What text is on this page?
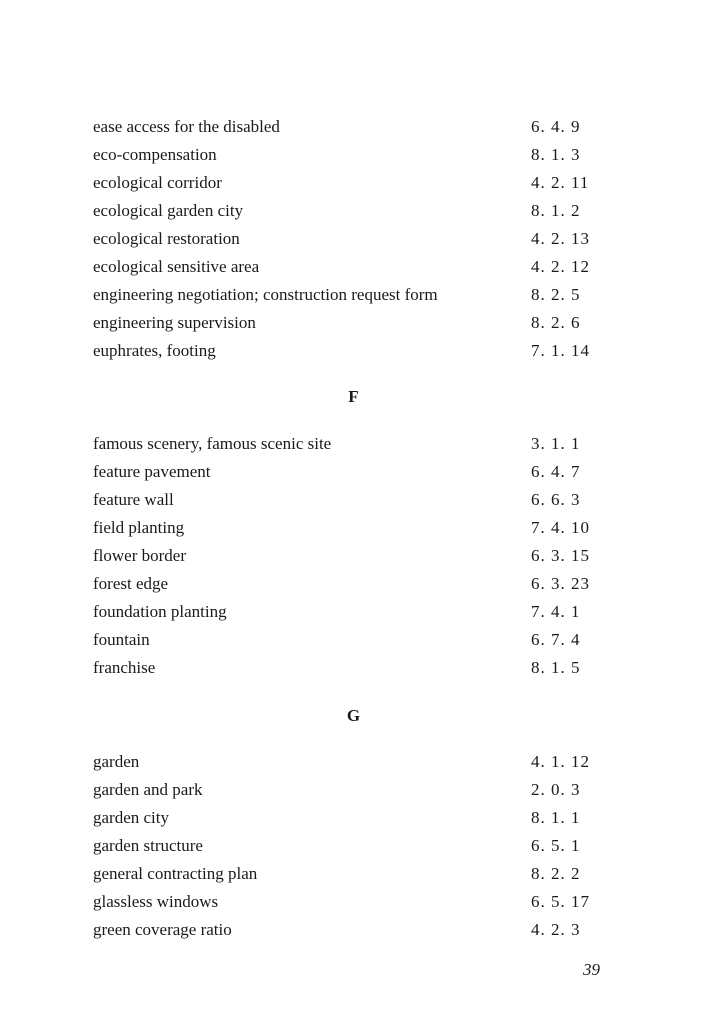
ease access for the disabled	6. 4. 9
eco-compensation	8. 1. 3
ecological corridor	4. 2. 11
ecological garden city	8. 1. 2
ecological restoration	4. 2. 13
ecological sensitive area	4. 2. 12
engineering negotiation; construction request form	8. 2. 5
engineering supervision	8. 2. 6
euphrates, footing	7. 1. 14
F
famous scenery, famous scenic site	3. 1. 1
feature pavement	6. 4. 7
feature wall	6. 6. 3
field planting	7. 4. 10
flower border	6. 3. 15
forest edge	6. 3. 23
foundation planting	7. 4. 1
fountain	6. 7. 4
franchise	8. 1. 5
G
garden	4. 1. 12
garden and park	2. 0. 3
garden city	8. 1. 1
garden structure	6. 5. 1
general contracting plan	8. 2. 2
glassless windows	6. 5. 17
green coverage ratio	4. 2. 3
39
